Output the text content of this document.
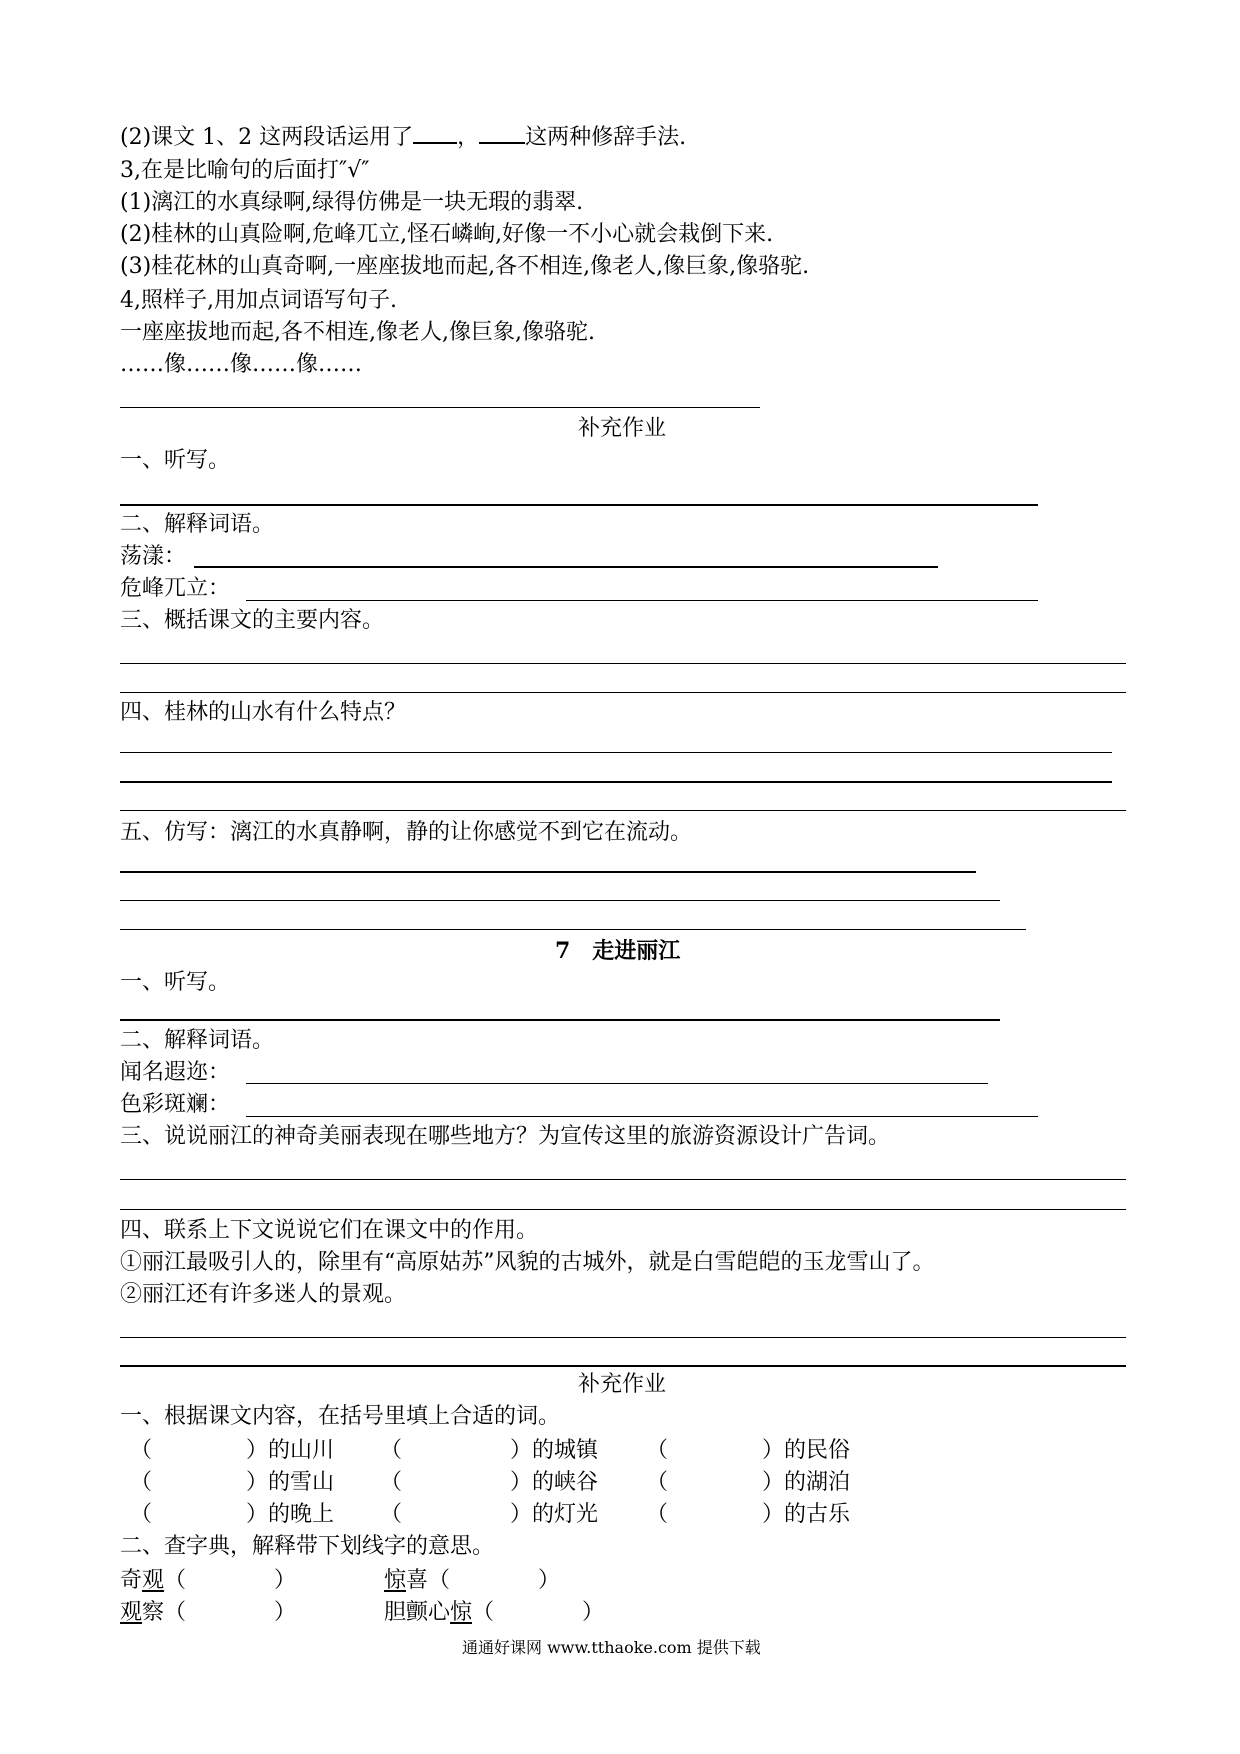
(2)课文 1、2 这两段话运用了 ， 这两种修辞手法.
3,在是比喻句的后面打″√″
(1)漓江的水真绿啊,绿得仿佛是一块无瑕的翡翠.
(2)桂林的山真险啊,危峰兀立,怪石嶙峋,好像一不小心就会栽倒下来.
(3)桂花林的山真奇啊,一座座拔地而起,各不相连,像老人,像巨象,像骆驼.
4,照样子,用加点词语写句子.
一座座拔地而起,各不相连,像老人,像巨象,像骆驼.
……像……像……像……
补充作业
一、听写。
二、解释词语。
荡漾：
危峰兀立：
三、概括课文的主要内容。
四、桂林的山水有什么特点？
五、仿写：漓江的水真静啊，静的让你感觉不到它在流动。
7　走进丽江
一、听写。
二、解释词语。
闻名遐迩：
色彩斑斓：
三、说说丽江的神奇美丽表现在哪些地方？为宣传这里的旅游资源设计广告词。
四、联系上下文说说它们在课文中的作用。
①丽江最吸引人的，除里有“高原姑苏”风貌的古城外，就是白雪皑皑的玉龙雪山了。
②丽江还有许多迷人的景观。
补充作业
一、根据课文内容，在括号里填上合适的词。
（	） 的山川 （	） 的城镇 （	） 的民俗
（	） 的雪山 （	） 的峡谷 （	） 的湖泊
（	） 的晚上 （	） 的灯光 （	） 的古乐
二、查字典，解释带下划线字的意思。
奇观（　　　　）	惊喜（　　　　）
观察（　　　　）	胆颤心惊（　　　　）
通通好课网 www.tthaoke.com 提供下载
